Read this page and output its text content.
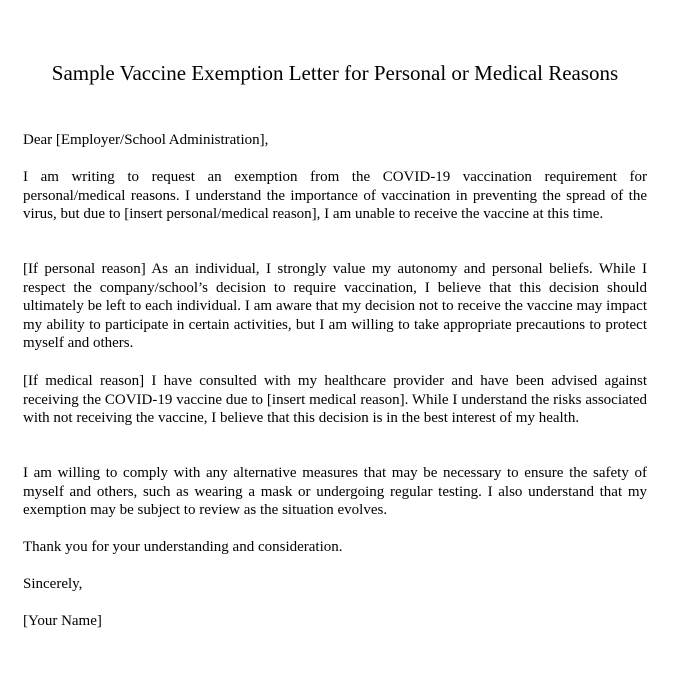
Sample Vaccine Exemption Letter for Personal or Medical Reasons

Dear [Employer/School Administration],

I am writing to request an exemption from the COVID-19 vaccination requirement for personal/medical reasons. I understand the importance of vaccination in preventing the spread of the virus, but due to [insert personal/medical reason], I am unable to receive the vaccine at this time.

[If personal reason] As an individual, I strongly value my autonomy and personal beliefs. While I respect the company/school’s decision to require vaccination, I believe that this decision should ultimately be left to each individual. I am aware that my decision not to receive the vaccine may impact my ability to participate in certain activities, but I am willing to take appropriate precautions to protect myself and others.

[If medical reason] I have consulted with my healthcare provider and have been advised against receiving the COVID-19 vaccine due to [insert medical reason]. While I understand the risks associated with not receiving the vaccine, I believe that this decision is in the best interest of my health.

I am willing to comply with any alternative measures that may be necessary to ensure the safety of myself and others, such as wearing a mask or undergoing regular testing. I also understand that my exemption may be subject to review as the situation evolves.

Thank you for your understanding and consideration.

Sincerely,

[Your Name]
